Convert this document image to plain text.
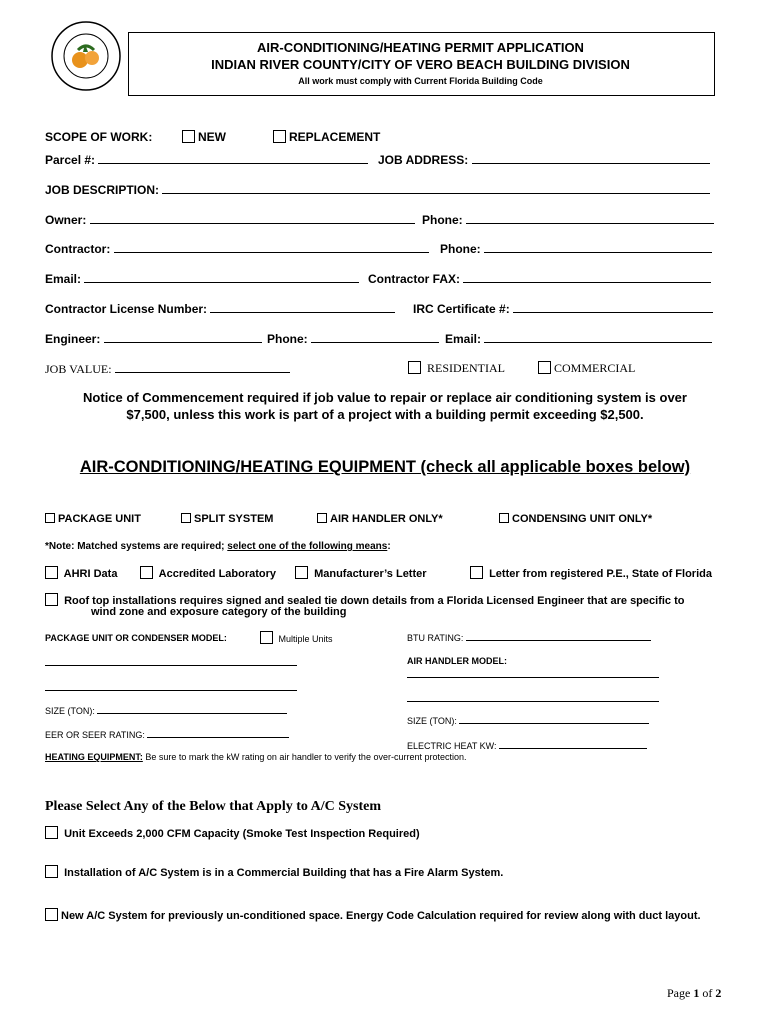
AIR-CONDITIONING/HEATING PERMIT APPLICATION
INDIAN RIVER COUNTY/CITY OF VERO BEACH BUILDING DIVISION
All work must comply with Current Florida Building Code
SCOPE OF WORK:	NEW	REPLACEMENT
Parcel #:	JOB ADDRESS:
JOB DESCRIPTION:
Owner:	Phone:
Contractor:	Phone:
Email:	Contractor FAX:
Contractor License Number:	IRC Certificate #:
Engineer:	Phone:	Email:
JOB VALUE:	RESIDENTIAL	COMMERCIAL
Notice of Commencement required if job value to repair or replace air conditioning system is over
$7,500, unless this work is part of a project with a building permit exceeding $2,500.
AIR-CONDITIONING/HEATING EQUIPMENT (check all applicable boxes below)
PACKAGE UNIT	SPLIT SYSTEM	AIR HANDLER ONLY*	CONDENSING UNIT ONLY*
*Note: Matched systems are required; select one of the following means:
AHRI Data	Accredited Laboratory	Manufacturer’s Letter	Letter from registered P.E., State of Florida
Roof top installations requires signed and sealed tie down details from a Florida Licensed Engineer that are specific to
wind zone and exposure category of the building
PACKAGE UNIT OR CONDENSER MODEL:	Multiple Units	BTU RATING:
AIR HANDLER MODEL:
SIZE (TON):
SIZE (TON):
EER OR SEER RATING:
ELECTRIC HEAT KW:
HEATING EQUIPMENT: Be sure to mark the kW rating on air handler to verify the over-current protection.
Please Select Any of the Below that Apply to A/C System
Unit Exceeds 2,000 CFM Capacity (Smoke Test Inspection Required)
Installation of A/C System is in a Commercial Building that has a Fire Alarm System.
New A/C System for previously un-conditioned space. Energy Code Calculation required for review along with duct layout.
Page 1 of 2
